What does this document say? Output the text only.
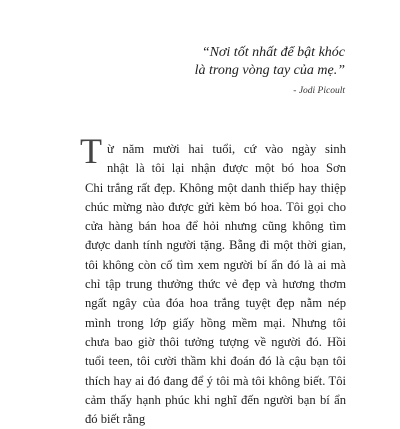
“Nơi tốt nhất để bật khóc
là trong vòng tay của mẹ.”
- Jodi Picoult
T ừ năm mười hai tuổi, cứ vào ngày sinh
nhật là tôi lại nhận được một bó hoa Sơn
Chi trắng rất đẹp. Không một danh thiếp hay thiệp
chúc mừng nào được gửi kèm bó hoa. Tôi gọi cho
cửa hàng bán hoa để hỏi nhưng cũng không tìm
được danh tính người tặng. Bẵng đi một thời gian,
tôi không còn cố tìm xem người bí ẩn đó là ai mà
chỉ tập trung thưởng thức vẻ đẹp và hương thơm
ngất ngây của đóa hoa trắng tuyệt đẹp nằm nép
mình trong lớp giấy hồng mềm mại. Nhưng tôi
chưa bao giờ thôi tưởng tượng về người đó. Hồi
tuổi teen, tôi cười thầm khi đoán đó là cậu bạn tôi
thích hay ai đó đang để ý tôi mà tôi không biết. Tôi
cảm thấy hạnh phúc khi nghĩ đến người bạn bí ẩn
đó biết rằng
